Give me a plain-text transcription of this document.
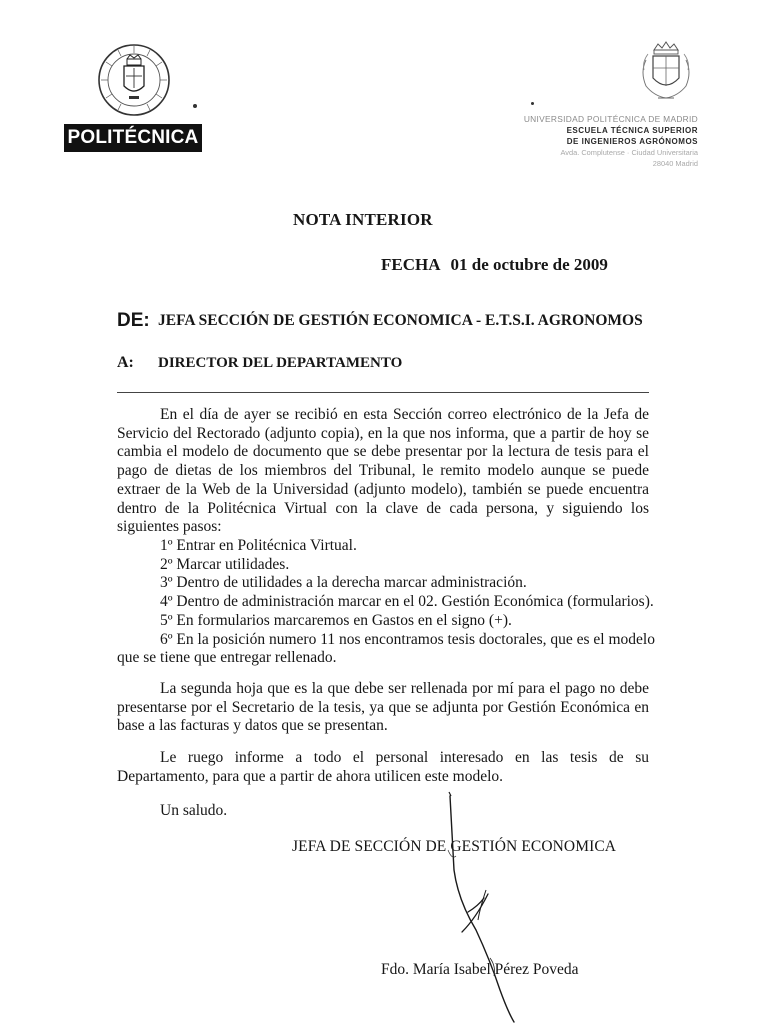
POLITÉCNICA
UNIVERSIDAD POLITÉCNICA DE MADRID
ESCUELA TÉCNICA SUPERIOR
DE INGENIEROS AGRÓNOMOS
Avda. Complutense · Ciudad Universitaria
28040 Madrid
NOTA INTERIOR
FECHA 01 de octubre de 2009
DE: JEFA SECCIÓN DE GESTIÓN ECONOMICA - E.T.S.I. AGRONOMOS
A: DIRECTOR DEL DEPARTAMENTO
En el día de ayer se recibió en esta Sección correo electrónico de la Jefa de Servicio del Rectorado (adjunto copia), en la que nos informa, que a partir de hoy se cambia el modelo de documento que se debe presentar por la lectura de tesis para el pago de dietas de los miembros del Tribunal, le remito modelo aunque se puede extraer de la Web de la Universidad (adjunto modelo), también se puede encuentra dentro de la Politécnica Virtual con la clave de cada persona, y siguiendo los siguientes pasos:
1º Entrar en Politécnica Virtual.
2º Marcar utilidades.
3º Dentro de utilidades a la derecha marcar administración.
4º Dentro de administración marcar en el 02. Gestión Económica (formularios).
5º En formularios marcaremos en Gastos en el signo (+).
6º En la posición numero 11 nos encontramos tesis doctorales, que es el modelo
que se tiene que entregar rellenado.
La segunda hoja que es la que debe ser rellenada por mí para el pago no debe presentarse por el Secretario de la tesis, ya que se adjunta por Gestión Económica en base a las facturas y datos que se presentan.
Le ruego informe a todo el personal interesado en las tesis de su Departamento, para que a partir de ahora utilicen este modelo.
Un saludo.
JEFA DE SECCIÓN DE GESTIÓN ECONOMICA
Fdo. María Isabel Pérez Poveda
